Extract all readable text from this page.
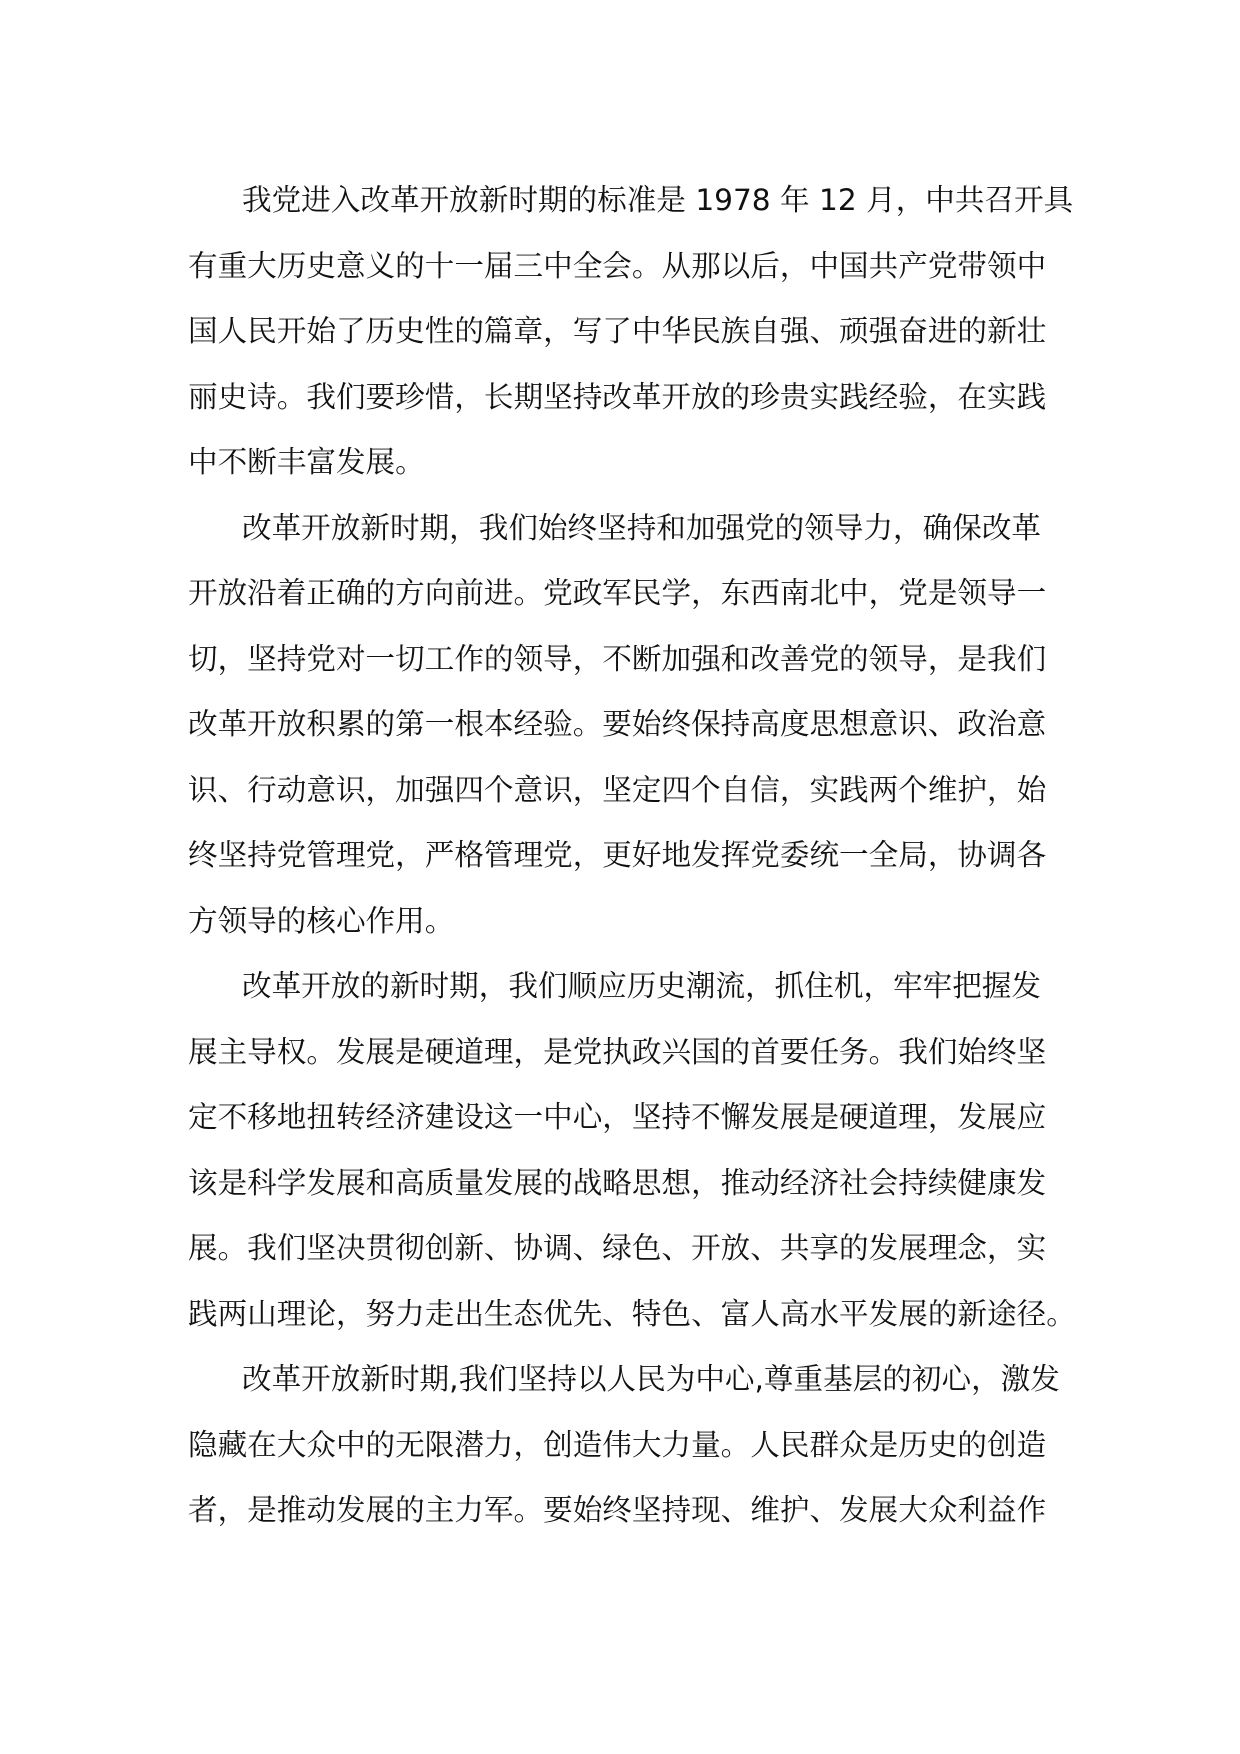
我党进入改革开放新时期的标准是 1978 年 12 月，中共召开具
有重大历史意义的十一届三中全会。从那以后，中国共产党带领中
国人民开始了历史性的篇章，写了中华民族自强、顽强奋进的新壮
丽史诗。我们要珍惜，长期坚持改革开放的珍贵实践经验，在实践
中不断丰富发展。
改革开放新时期，我们始终坚持和加强党的领导力，确保改革
开放沿着正确的方向前进。党政军民学，东西南北中，党是领导一
切，坚持党对一切工作的领导，不断加强和改善党的领导，是我们
改革开放积累的第一根本经验。要始终保持高度思想意识、政治意
识、行动意识，加强四个意识，坚定四个自信，实践两个维护，始
终坚持党管理党，严格管理党，更好地发挥党委统一全局，协调各
方领导的核心作用。
改革开放的新时期，我们顺应历史潮流，抓住机，牢牢把握发
展主导权。发展是硬道理，是党执政兴国的首要任务。我们始终坚
定不移地扭转经济建设这一中心，坚持不懈发展是硬道理，发展应
该是科学发展和高质量发展的战略思想，推动经济社会持续健康发
展。我们坚决贯彻创新、协调、绿色、开放、共享的发展理念，实
践两山理论，努力走出生态优先、特色、富人高水平发展的新途径。
改革开放新时期,我们坚持以人民为中心,尊重基层的初心，激发
隐藏在大众中的无限潜力，创造伟大力量。人民群众是历史的创造
者，是推动发展的主力军。要始终坚持现、维护、发展大众利益作
